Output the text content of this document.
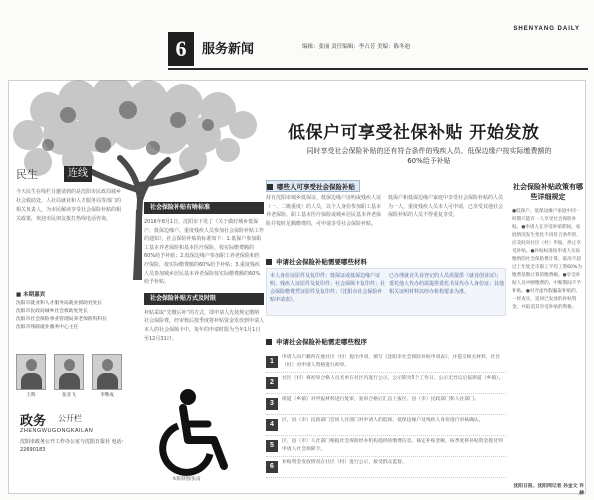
SHENYANG DAILY
6	服务新闻	编辑：张丽 责任编辑：李占芳 美编：陈冬迪
低保户可享受社保补贴 开始发放
同时享受社会保险补贴的还有符合条件的残疾人员、低保边缘户按实际缴费额的60%给予补贴
民生	连线
今天民生在线栏目邀请到的是沈阳市民政局城乡社会救助处、人社局就业和人才服务局等部门的相关负责人，为市民解读享受社会保险补贴的相关政策，欢迎市民朋友拨打热线电话咨询。
■ 本期嘉宾
沈阳市就业和人才服务局就业援助处处长
沈阳市民政局城乡社会救助处处长
沈阳市社会保险事业管理局养老保险科科长
沈阳市残联就业服务中心主任
王辉	张亚飞	李继成
政务 公开栏
ZHENGWUGONGKAILAN
沈阳市政务公开工作办公室与沈阳日报社 电话：22690183
社会保险补贴有啥标准
2016年8月1日，沈阳市下发了《关于做好城乡低保户、低保边缘户、重度残疾人员参加社会保险补贴工作的通知》，社会保险补贴的标准如下：1.低保户参加职工基本养老保险和基本医疗保险，按实际缴费额的60%给予补贴；2.低保边缘户参加职工养老保险和医疗保险，按实际缴费额的60%给予补贴；3.重度残疾人员参加城乡居民基本养老保险按实际缴费额的60%给予补贴。
社会保险补贴方式及时限
补贴采取“先缴后补”的方式，即申请人先按规定缴纳社会保险费，经审核后按季度将补贴资金发放到申请人本人的社会保障卡中。每年的申请时限为当年1月1日至12月31日。
本版制图/张南
哪些人可享受社会保险补贴
持有沈阳市城乡低保证、低保边缘户证明或残疾人证（一、二级重度）的人员，以个人身份参加职工基本养老保险、职工基本医疗保险或城乡居民基本养老保险并按时足额缴费的，可申请享受社会保险补贴。
低保户和低保边缘户家庭中享受社会保险补贴的人员为一人，重度残疾人员本人可申请，已享受其他社会保险补贴的人员不得重复享受。
申请社会保险补贴需要哪些材料
本人身份证原件及复印件；低保证或低保边缘户证明、残疾人证原件及复印件；社会保障卡复印件；社会保险缴费凭证原件及复印件；《沈阳市社会保险补贴申请表》。
已办理就业失业登记的人员需提供《就业创业证》；委托他人代办的需提供委托书及代办人身份证；其他相关证明材料以经办机构要求为准。
申请社会保险补贴需走哪些程序
1
申请人向户籍所在地社区（村）提出申请，填写《沈阳市社会保险补贴申请表》，并提交相关材料，社区（村）对申请人资格进行初审。
2
社区（村）将初审合格人员名单在社区内进行公示，公示期为5个工作日，公示无异议后报街道（乡镇）。
3
街道（乡镇）对申报材料进行复审，复审合格后汇总上报区、县（市）民政部门和人社部门。
4
区、县（市）民政部门会同人社部门对申请人的低保、低保边缘户及残疾人身份进行审核确认。
5
区、县（市）人社部门根据社会保险经办机构提供的缴费信息，核定补贴金额，按季度将补贴资金拨付到申请人社会保障卡。
6
补贴资金发放情况在社区（村）进行公示，接受群众监督。
社会保险补贴政策有哪些详细规定
●低保户、低保边缘户家庭中同一时期只能有一人享受社会保险补贴。●申请人在享受补贴期间，家庭情况发生变化不再符合条件的，应及时向社区（村）申报，停止享受补贴。●补贴标准按申请人实际缴纳的社会保险费计算，最高不超过上年度全市职工平均工资60%为缴费基数计算的缴费额。●享受补贴人员中断缴费的，中断期间不予补贴。●对弄虚作假骗取补贴的，一经查实，追回已发放的补贴资金，并取消其享受补贴的资格。
沈阳日报、沈阳网记者 孙金文 许赫
